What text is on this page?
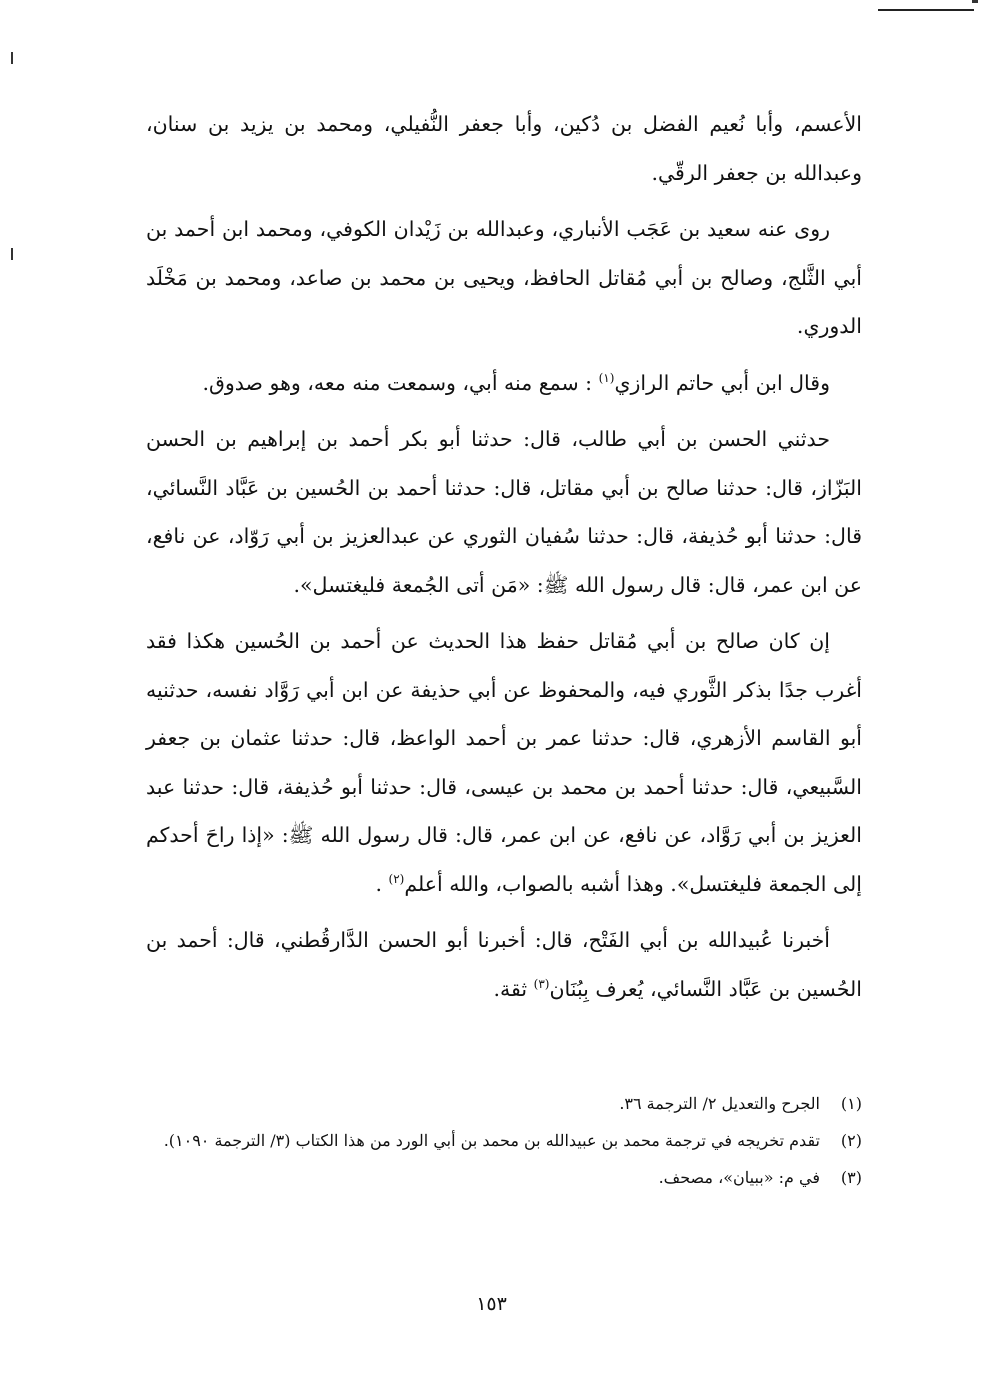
الأعسم، وأبا نُعيم الفضل بن دُكين، وأبا جعفر النُّفيلي، ومحمد بن يزيد بن سنان، وعبدالله بن جعفر الرقّي.

روى عنه سعيد بن عَجَب الأنباري، وعبدالله بن زَيْدان الكوفي، ومحمد ابن أحمد بن أبي الثَّلج، وصالح بن أبي مُقاتل الحافظ، ويحيى بن محمد بن صاعد، ومحمد بن مَخْلَد الدوري.

وقال ابن أبي حاتم الرازي$^{(١)}$ : سمع منه أبي، وسمعت منه معه، وهو صدوق.

حدثني الحسن بن أبي طالب، قال: حدثنا أبو بكر أحمد بن إبراهيم بن الحسن البَزّاز، قال: حدثنا صالح بن أبي مقاتل، قال: حدثنا أحمد بن الحُسين بن عَبَّاد النَّسائي، قال: حدثنا أبو حُذيفة، قال: حدثنا سُفيان الثوري عن عبدالعزيز بن أبي رَوّاد، عن نافع، عن ابن عمر، قال: قال رسول الله ﷺ: «مَن أتى الجُمعة فليغتسل».

إن كان صالح بن أبي مُقاتل حفظ هذا الحديث عن أحمد بن الحُسين هكذا فقد أغرب جدًا بذكر الثَّوري فيه، والمحفوظ عن أبي حذيفة عن ابن أبي رَوَّاد نفسه، حدثنيه أبو القاسم الأزهري، قال: حدثنا عمر بن أحمد الواعظ، قال: حدثنا عثمان بن جعفر السَّبيعي، قال: حدثنا أحمد بن محمد بن عيسى، قال: حدثنا أبو حُذيفة، قال: حدثنا عبد العزيز بن أبي رَوَّاد، عن نافع، عن ابن عمر، قال: قال رسول الله ﷺ: «إذا راحَ أحدكم إلى الجمعة فليغتسل». وهذا أشبه بالصواب، والله أعلم$^{(٢)}$ .

أخبرنا عُبيدالله بن أبي الفَتْح، قال: أخبرنا أبو الحسن الدَّارقُطني، قال: أحمد بن الحُسين بن عَبَّاد النَّسائي، يُعرف بِبُنَان$^{(٣)}$ ثقة.

(١)
الجرح والتعديل ٢/ الترجمة ٣٦.
(٢)
تقدم تخريجه في ترجمة محمد بن عبيدالله بن محمد بن أبي الورد من هذا الكتاب (٣/ الترجمة ١٠٩٠).
(٣)
في م: «ببيان»، مصحف.
١٥٣
